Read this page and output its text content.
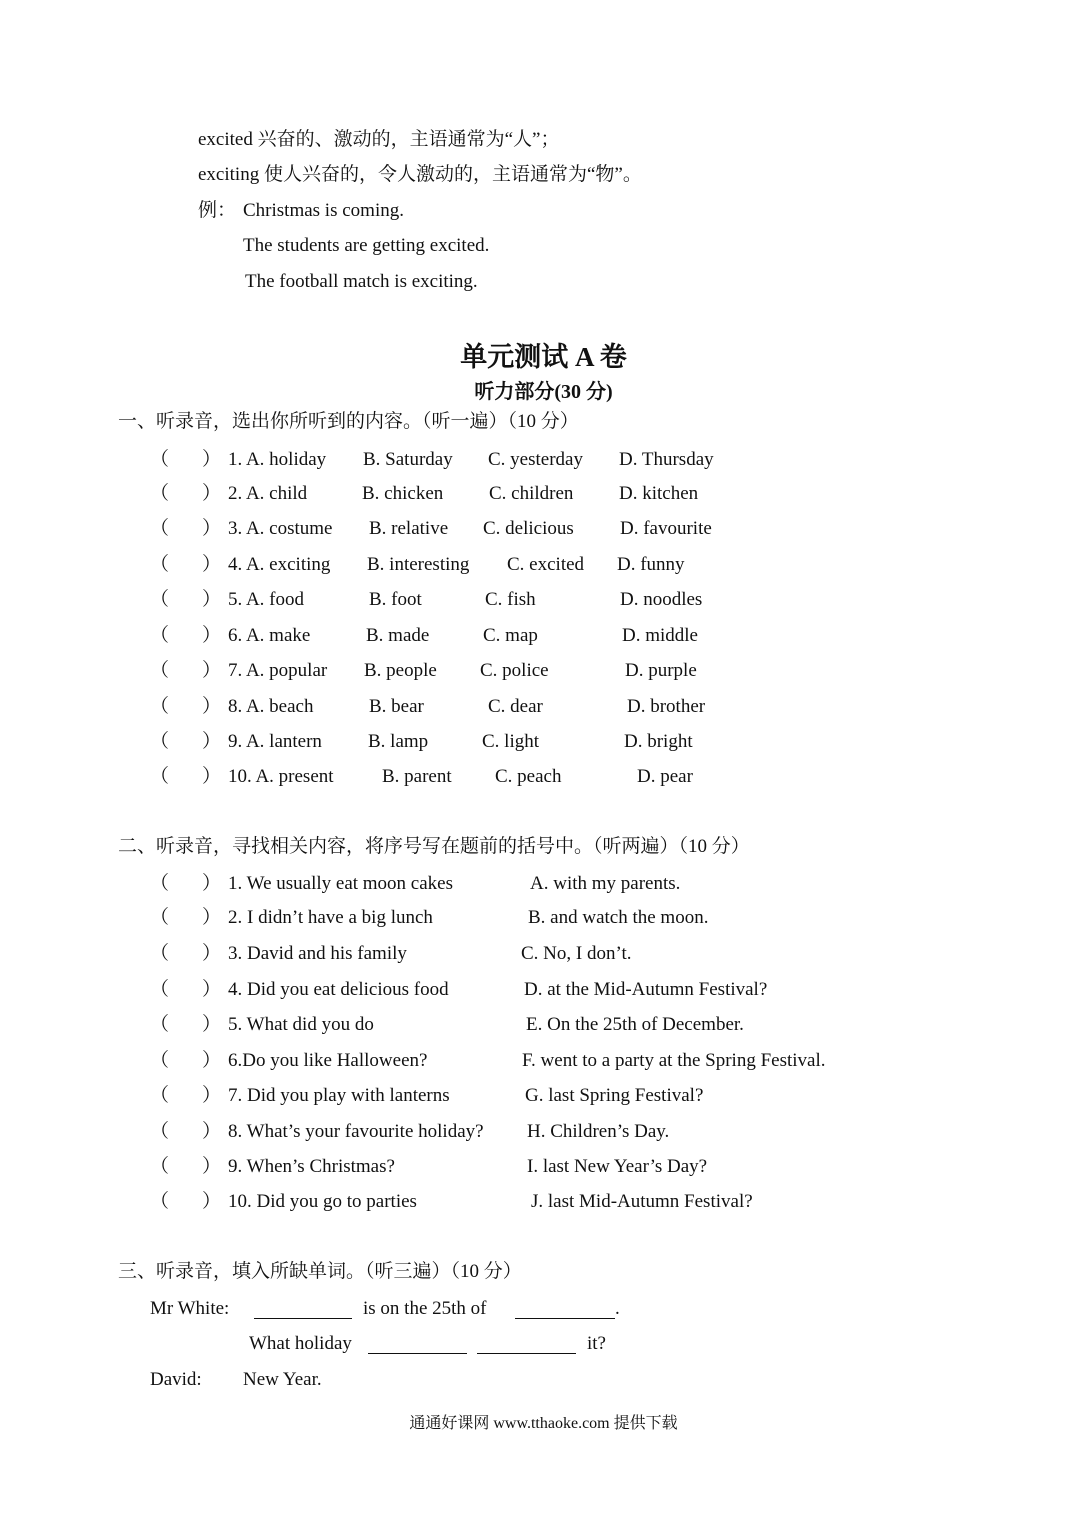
excited 兴奋的、激动的，主语通常为“人”；
exciting 使人兴奋的，令人激动的，主语通常为“物”。
例： Christmas is coming.
The students are getting excited.
The football match is exciting.
单元测试 A 卷
听力部分(30 分)
一、听录音，选出你所听到的内容。（听一遍）（10 分）
（ ） 1. A. holiday B. Saturday C. yesterday D. Thursday
（ ） 2. A. child	B. chicken C. children D. kitchen
（ ） 3. A. costume B. relative C. delicious D. favourite
（ ） 4. A. exciting B. interesting C. excited D. funny
（ ） 5. A. food	B. foot	C. fish	D. noodles
（ ） 6. A. make	B. made	C. map	D. middle
（ ） 7. A. popular B. people C. police	D. purple
（ ） 8. A. beach	B. bear	C. dear	D. brother
（ ） 9. A. lantern B. lamp	C. light	D. bright
（ ） 10. A. present	B. parent C. peach	D. pear
二、听录音，寻找相关内容，将序号写在题前的括号中。（听两遍）（10 分）
（ ） 1. We usually eat moon cakes	A. with my parents.
（ ） 2. I didn’t have a big lunch	B. and watch the moon.
（ ） 3. David and his family	C. No, I don’t.
（ ） 4. Did you eat delicious food	D. at the Mid-Autumn Festival?
（ ） 5. What did you do	E. On the 25th of December.
（ ） 6.Do you like Halloween?	F. went to a party at the Spring Festival.
（ ） 7. Did you play with lanterns	G. last Spring Festival?
（ ） 8. What’s your favourite holiday? H. Children’s Day.
（ ） 9. When’s Christmas?	I. last New Year’s Day?
（ ） 10. Did you go to parties	J. last Mid-Autumn Festival?
三、听录音，填入所缺单词。（听三遍）（10 分）
Mr White:	is on the 25th of	.
What holiday	it?
David: New Year.
通通好课网 www.tthaoke.com 提供下载
